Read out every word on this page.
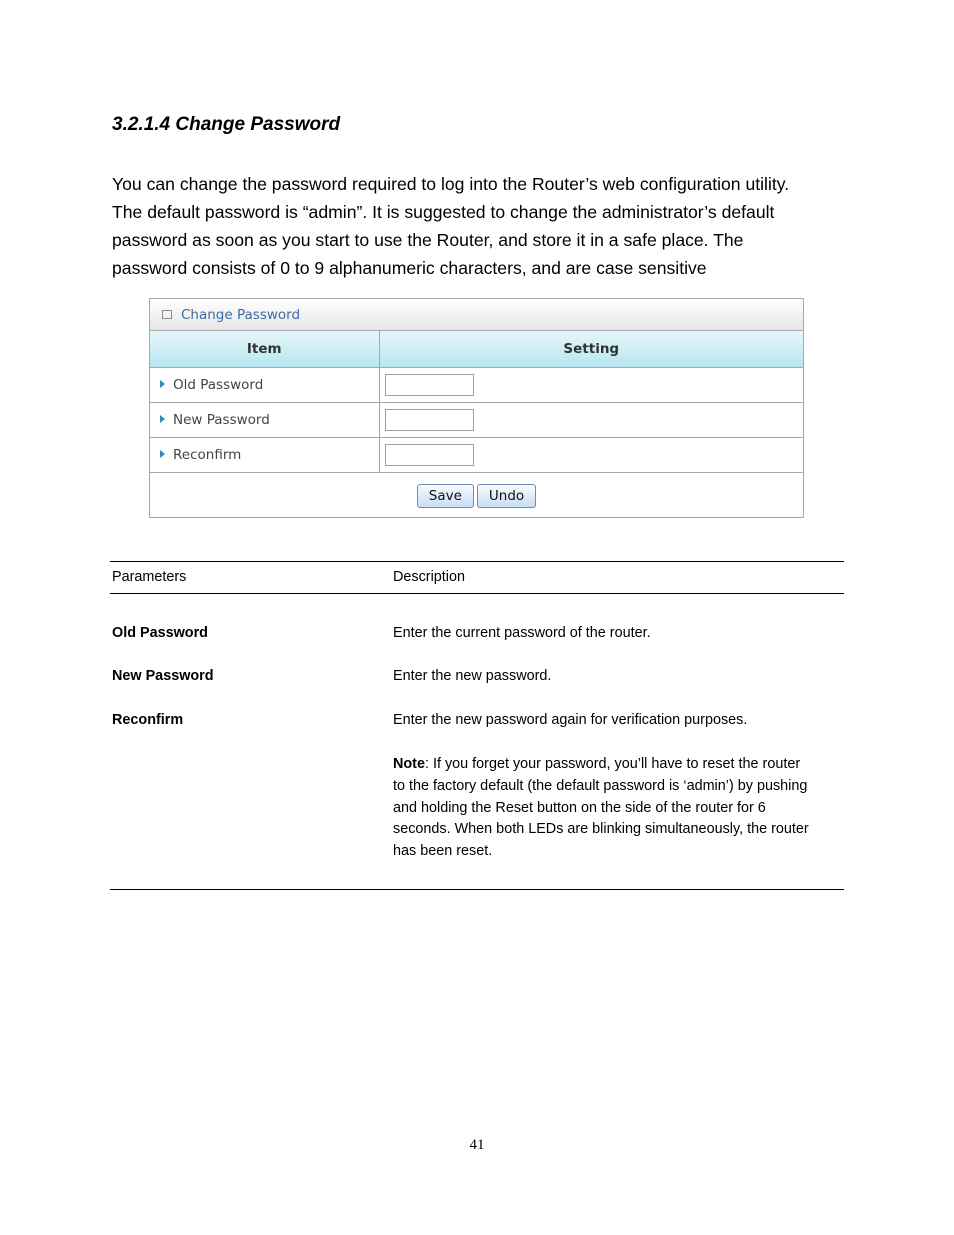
3.2.1.4 Change Password

You can change the password required to log into the Router’s web configuration utility.

The default password is “admin”. It is suggested to change the administrator’s default

password as soon as you start to use the Router, and store it in a safe place. The

password consists of 0 to 9 alphanumeric characters, and are case sensitive

Change Password
Item	Setting
Old Password	

New Password	

Reconfirm	
Save	Undo
Parameters	Description
Old Password	Enter the current password of the router.
New Password	Enter the new password.
Reconfirm	Enter the new password again for verification purposes.
Note: If you forget your password, you’ll have to reset the router
to the factory default (the default password is ‘admin’) by pushing
and holding the Reset button on the side of the router for 6
seconds. When both LEDs are blinking simultaneously, the router
has been reset.
41
